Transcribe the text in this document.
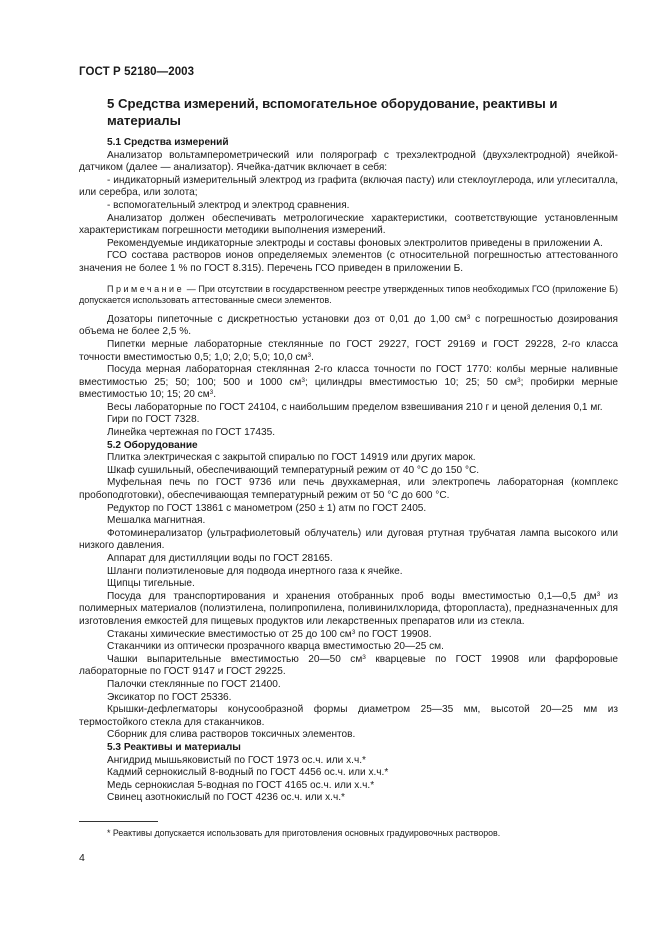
ГОСТ Р 52180—2003
5 Средства измерений, вспомогательное оборудование, реактивы и материалы

5.1 Средства измерений

Анализатор вольтамперометрический или полярограф с трехэлектродной (двухэлектродной) ячейкой-датчиком (далее — анализатор). Ячейка-датчик включает в себя:

- индикаторный измерительный электрод из графита (включая пасту) или стеклоуглерода, или углеситалла, или серебра, или золота;

- вспомогательный электрод и электрод сравнения.

Анализатор должен обеспечивать метрологические характеристики, соответствующие установленным характеристикам погрешности методики выполнения измерений.

Рекомендуемые индикаторные электроды и составы фоновых электролитов приведены в приложении А.

ГСО состава растворов ионов определяемых элементов (с относительной погрешностью аттестованного значения не более 1 % по ГОСТ 8.315). Перечень ГСО приведен в приложении Б.

Примечание — При отсутствии в государственном реестре утвержденных типов необходимых ГСО (приложение Б) допускается использовать аттестованные смеси элементов.

Дозаторы пипеточные с дискретностью установки доз от 0,01 до 1,00 $см^3$ с погрешностью дозирования объема не более 2,5 %.

Пипетки мерные лабораторные стеклянные по ГОСТ 29227, ГОСТ 29169 и ГОСТ 29228, 2-го класса точности вместимостью 0,5; 1,0; 2,0; 5,0; 10,0 $см^3$.

Посуда мерная лабораторная стеклянная 2-го класса точности по ГОСТ 1770: колбы мерные наливные вместимостью 25; 50; 100; 500 и 1000 $см^3$; цилиндры вместимостью 10; 25; 50 $см^3$; пробирки мерные вместимостью 10; 15; 20 $см^3$.

Весы лабораторные по ГОСТ 24104, с наибольшим пределом взвешивания 210 г и ценой деления 0,1 мг.

Гири по ГОСТ 7328.

Линейка чертежная по ГОСТ 17435.

5.2 Оборудование

Плитка электрическая с закрытой спиралью по ГОСТ 14919 или других марок.

Шкаф сушильный, обеспечивающий температурный режим от 40 °С до 150 °С.

Муфельная печь по ГОСТ 9736 или печь двухкамерная, или электропечь лабораторная (комплекс пробоподготовки), обеспечивающая температурный режим от 50 °С до 600 °С.

Редуктор по ГОСТ 13861 с манометром (250 ± 1) атм по ГОСТ 2405.

Мешалка магнитная.

Фотоминерализатор (ультрафиолетовый облучатель) или дуговая ртутная трубчатая лампа высокого или низкого давления.

Аппарат для дистилляции воды по ГОСТ 28165.

Шланги полиэтиленовые для подвода инертного газа к ячейке.

Щипцы тигельные.

Посуда для транспортирования и хранения отобранных проб воды вместимостью 0,1—0,5 $дм^3$ из полимерных материалов (полиэтилена, полипропилена, поливинилхлорида, фторопласта), предназначенных для изготовления емкостей для пищевых продуктов или лекарственных препаратов или из стекла.

Стаканы химические вместимостью от 25 до 100 $см^3$ по ГОСТ 19908.

Стаканчики из оптически прозрачного кварца вместимостью 20—25 см.

Чашки выпарительные вместимостью 20—50 $см^3$ кварцевые по ГОСТ 19908 или фарфоровые лабораторные по ГОСТ 9147 и ГОСТ 29225.

Палочки стеклянные по ГОСТ 21400.

Эксикатор по ГОСТ 25336.

Крышки-дефлегматоры конусообразной формы диаметром 25—35 мм, высотой 20—25 мм из термостойкого стекла для стаканчиков.

Сборник для слива растворов токсичных элементов.

5.3 Реактивы и материалы

Ангидрид мышьяковистый по ГОСТ 1973 ос.ч. или х.ч.*

Кадмий сернокислый 8-водный по ГОСТ 4456 ос.ч. или х.ч.*

Медь сернокислая 5-водная по ГОСТ 4165 ос.ч. или х.ч.*

Свинец азотнокислый по ГОСТ 4236 ос.ч. или х.ч.*

* Реактивы допускается использовать для приготовления основных градуировочных растворов.
4
